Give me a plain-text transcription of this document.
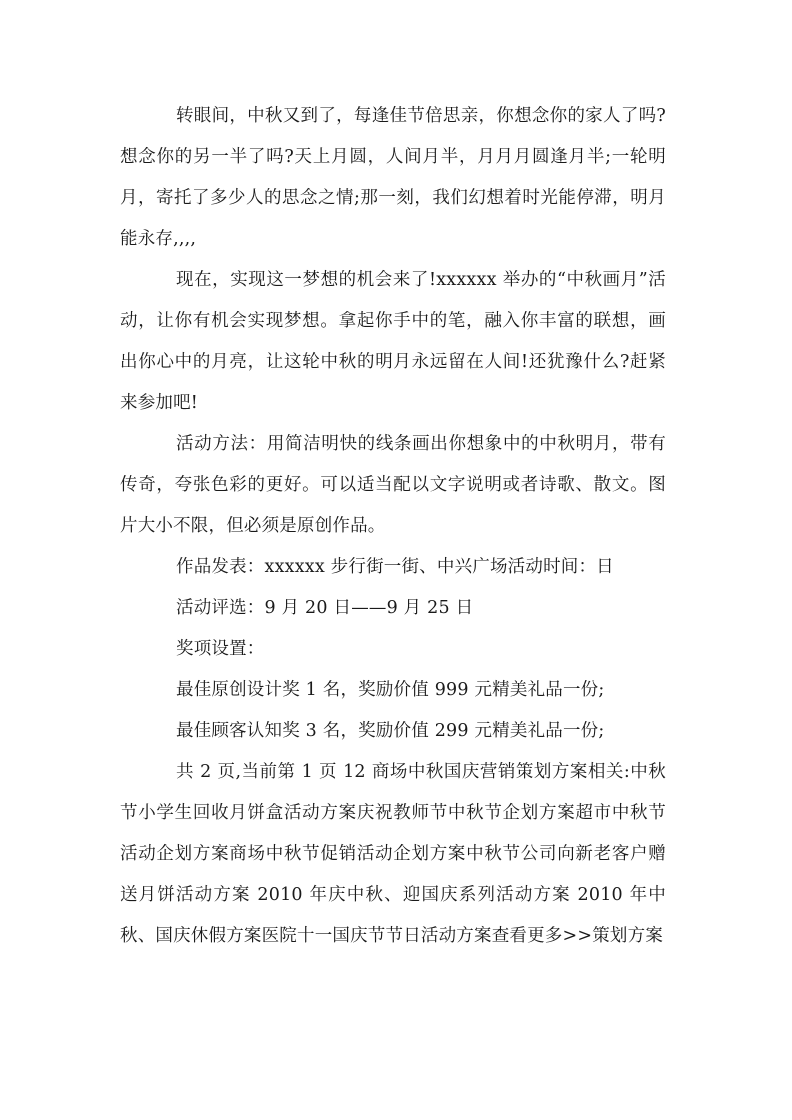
转眼间，中秋又到了，每逢佳节倍思亲，你想念你的家人了吗?想念你的另一半了吗?天上月圆，人间月半，月月月圆逢月半;一轮明月，寄托了多少人的思念之情;那一刻，我们幻想着时光能停滞，明月能永存,,,,

现在，实现这一梦想的机会来了!xxxxxx 举办的“中秋画月”活动，让你有机会实现梦想。拿起你手中的笔，融入你丰富的联想，画出你心中的月亮，让这轮中秋的明月永远留在人间!还犹豫什么?赶紧来参加吧!

活动方法：用简洁明快的线条画出你想象中的中秋明月，带有传奇，夸张色彩的更好。可以适当配以文字说明或者诗歌、散文。图片大小不限，但必须是原创作品。

作品发表：xxxxxx 步行街一街、中兴广场活动时间：日

活动评选：9 月 20 日——9 月 25 日

奖项设置：

最佳原创设计奖 1 名，奖励价值 999 元精美礼品一份;

最佳顾客认知奖 3 名，奖励价值 299 元精美礼品一份;

共 2 页,当前第 1 页 12 商场中秋国庆营销策划方案相关:中秋节小学生回收月饼盒活动方案庆祝教师节中秋节企划方案超市中秋节活动企划方案商场中秋节促销活动企划方案中秋节公司向新老客户赠送月饼活动方案 2010 年庆中秋、迎国庆系列活动方案 2010 年中秋、国庆休假方案医院十一国庆节节日活动方案查看更多>>策划方案
